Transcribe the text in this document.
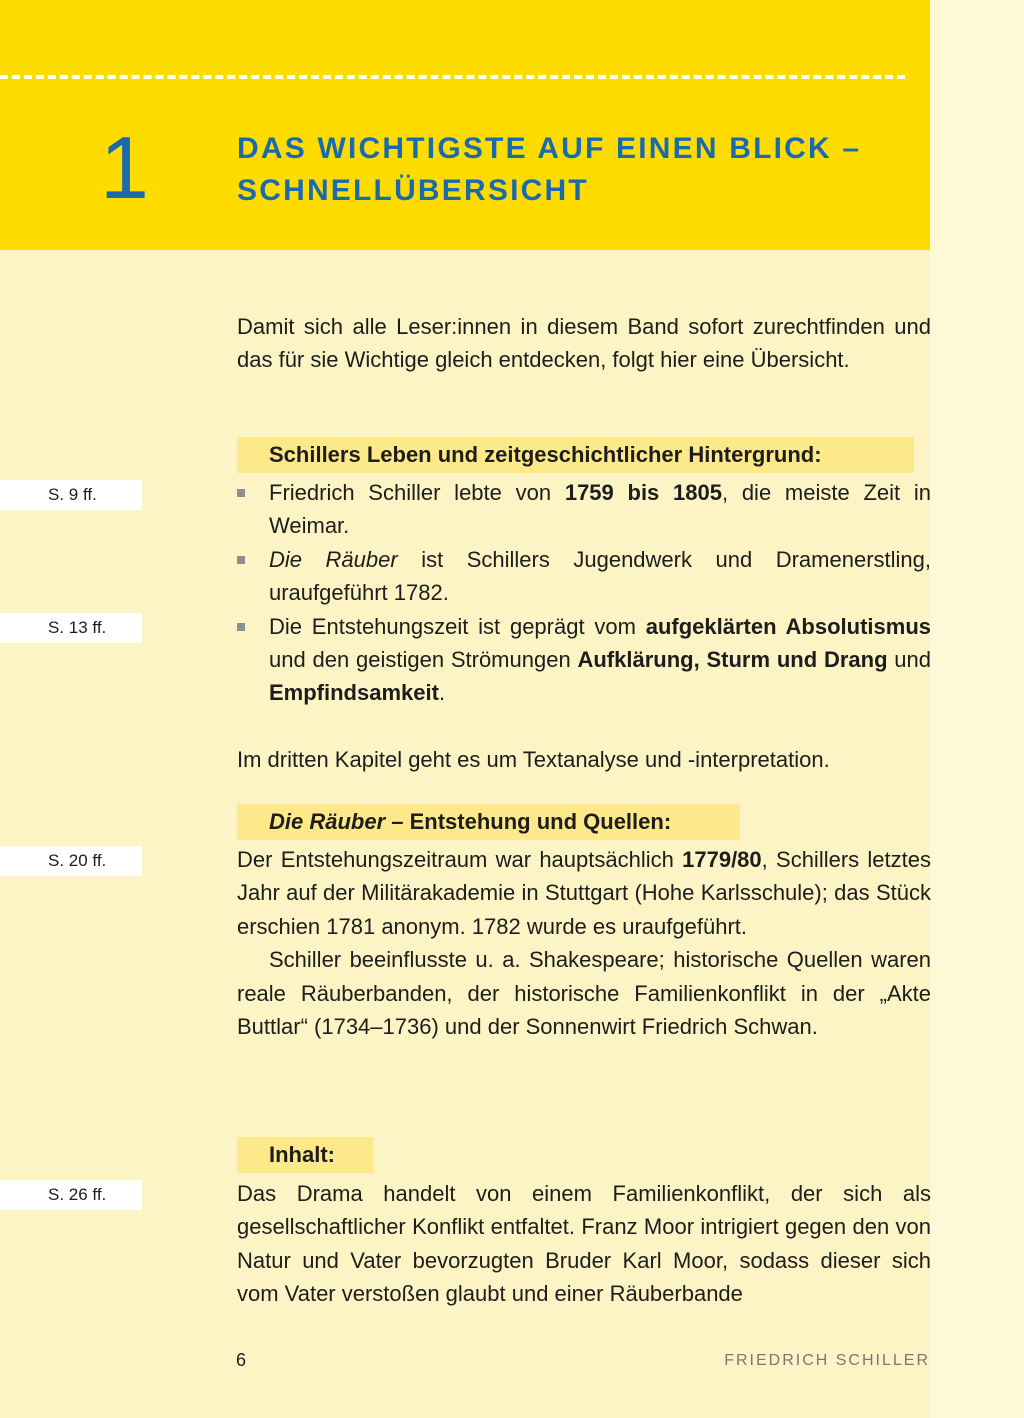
1	DAS WICHTIGSTE AUF EINEN BLICK –
SCHNELLÜBERSICHT
Damit sich alle Leser:innen in diesem Band sofort zurechtfinden und das für sie Wichtige gleich entdecken, folgt hier eine Übersicht.
Schillers Leben und zeitgeschichtlicher Hintergrund:
Friedrich Schiller lebte von 1759 bis 1805, die meiste Zeit in Weimar.
Die Räuber ist Schillers Jugendwerk und Dramenerstling, uraufgeführt 1782.
Die Entstehungszeit ist geprägt vom aufgeklärten Absolutismus und den geistigen Strömungen Aufklärung, Sturm und Drang und Empfindsamkeit.
Im dritten Kapitel geht es um Textanalyse und -interpretation.
Die Räuber – Entstehung und Quellen:

Der Entstehungszeitraum war hauptsächlich 1779/80, Schillers letztes Jahr auf der Militärakademie in Stuttgart (Hohe Karlsschule); das Stück erschien 1781 anonym. 1782 wurde es uraufgeführt.

Schiller beeinflusste u. a. Shakespeare; historische Quellen waren reale Räuberbanden, der historische Familienkonflikt in der „Akte Buttlar“ (1734–1736) und der Sonnenwirt Friedrich Schwan.

Inhalt:
Das Drama handelt von einem Familienkonflikt, der sich als gesellschaftlicher Konflikt entfaltet. Franz Moor intrigiert gegen den von Natur und Vater bevorzugten Bruder Karl Moor, sodass dieser sich vom Vater verstoßen glaubt und einer Räuberbande
S. 9 ff.
S. 13 ff.
S. 20 ff.
S. 26 ff.
6	FRIEDRICH SCHILLER
